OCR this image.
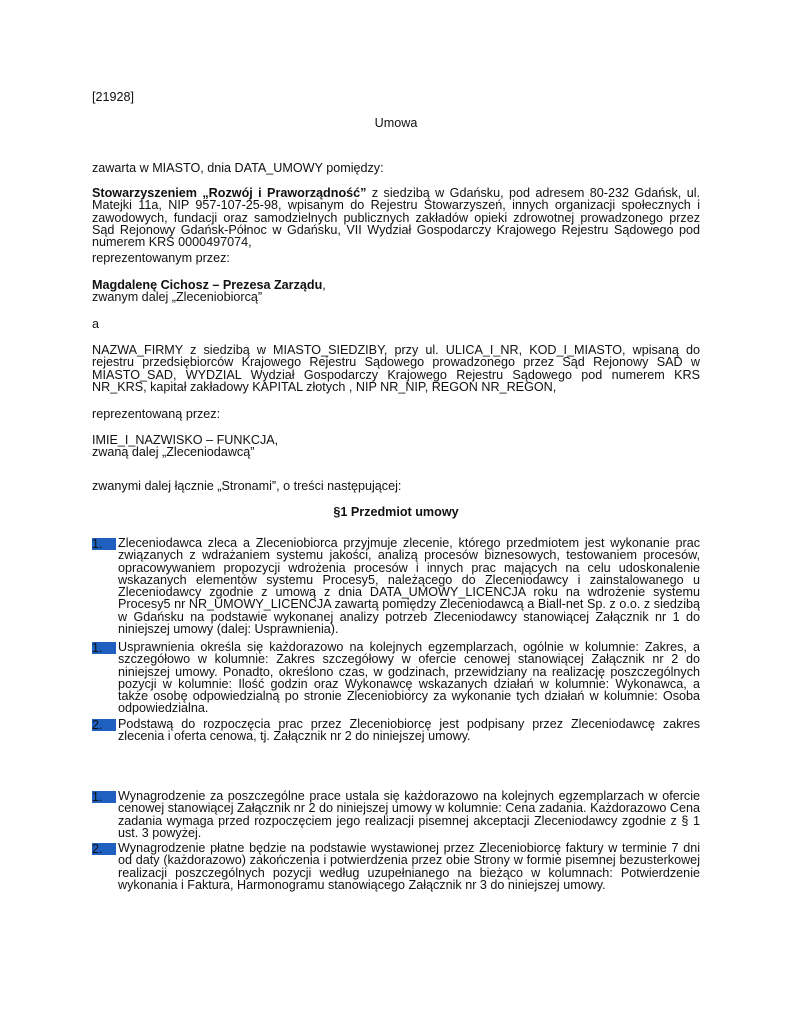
[21928]

Umowa

zawarta w MIASTO, dnia DATA_UMOWY pomiędzy:

Stowarzyszeniem „Rozwój i Praworządność” z siedzibą w Gdańsku, pod adresem 80-232 Gdańsk, ul. Matejki 11a, NIP 957-107-25-98, wpisanym do Rejestru Stowarzyszeń, innych organizacji społecznych i zawodowych, fundacji oraz samodzielnych publicznych zakładów opieki zdrowotnej prowadzonego przez Sąd Rejonowy Gdańsk-Północ w Gdańsku, VII Wydział Gospodarczy Krajowego Rejestru Sądowego pod numerem KRS 0000497074,

reprezentowanym przez:

Magdalenę Cichosz – Prezesa Zarządu,

zwanym dalej „Zleceniobiorcą”

a

NAZWA_FIRMY z siedzibą w MIASTO_SIEDZIBY, przy ul. ULICA_I_NR, KOD_I_MIASTO, wpisaną do rejestru przedsiębiorców Krajowego Rejestru Sądowego prowadzonego przez Sąd Rejonowy SAD w MIASTO_SAD, WYDZIAL Wydział Gospodarczy Krajowego Rejestru Sądowego pod numerem KRS NR_KRS, kapitał zakładowy KAPITAL złotych , NIP NR_NIP, REGON NR_REGON,

reprezentowaną przez:

IMIE_I_NAZWISKO – FUNKCJA,

zwaną dalej „Zleceniodawcą”

zwanymi dalej łącznie „Stronami”, o treści następującej:

§1 Przedmiot umowy
1.	Zleceniodawca zleca a Zleceniobiorca przyjmuje zlecenie, którego przedmiotem jest wykonanie prac związanych z wdrażaniem systemu jakości, analizą procesów biznesowych, testowaniem procesów, opracowywaniem propozycji wdrożenia procesów i innych prac mających na celu udoskonalenie wskazanych elementów systemu Procesy5, należącego do Zleceniodawcy i zainstalowanego u Zleceniodawcy zgodnie z umową z dnia DATA_UMOWY_LICENCJA roku na wdrożenie systemu Procesy5 nr NR_UMOWY_LICENCJA zawartą pomiędzy Zleceniodawcą a Biall-net Sp. z o.o. z siedzibą w Gdańsku na podstawie wykonanej analizy potrzeb Zleceniodawcy stanowiącej Załącznik nr 1 do niniejszej umowy (dalej: Usprawnienia).

1.	Usprawnienia określa się każdorazowo na kolejnych egzemplarzach, ogólnie w kolumnie: Zakres, a szczegółowo w kolumnie: Zakres szczegółowy w ofercie cenowej stanowiącej Załącznik nr 2 do niniejszej umowy. Ponadto, określono czas, w godzinach, przewidziany na realizację poszczególnych pozycji w kolumnie: Ilość godzin oraz Wykonawcę wskazanych działań w kolumnie: Wykonawca, a także osobę odpowiedzialną po stronie Zleceniobiorcy za wykonanie tych działań w kolumnie: Osoba odpowiedzialna.

2.	Podstawą do rozpoczęcia prac przez Zleceniobiorcę jest podpisany przez Zleceniodawcę zakres zlecenia i oferta cenowa, tj. Załącznik nr 2 do niniejszej umowy.

1.	Wynagrodzenie za poszczególne prace ustala się każdorazowo na kolejnych egzemplarzach w ofercie cenowej stanowiącej Załącznik nr 2 do niniejszej umowy w kolumnie: Cena zadania. Każdorazowo Cena zadania wymaga przed rozpoczęciem jego realizacji pisemnej akceptacji Zleceniodawcy zgodnie z § 1 ust. 3 powyżej.

2.	Wynagrodzenie płatne będzie na podstawie wystawionej przez Zleceniobiorcę faktury w terminie 7 dni od daty (każdorazowo) zakończenia i potwierdzenia przez obie Strony w formie pisemnej bezusterkowej realizacji poszczególnych pozycji według uzupełnianego na bieżąco w kolumnach: Potwierdzenie wykonania i Faktura, Harmonogramu stanowiącego Załącznik nr 3 do niniejszej umowy.
